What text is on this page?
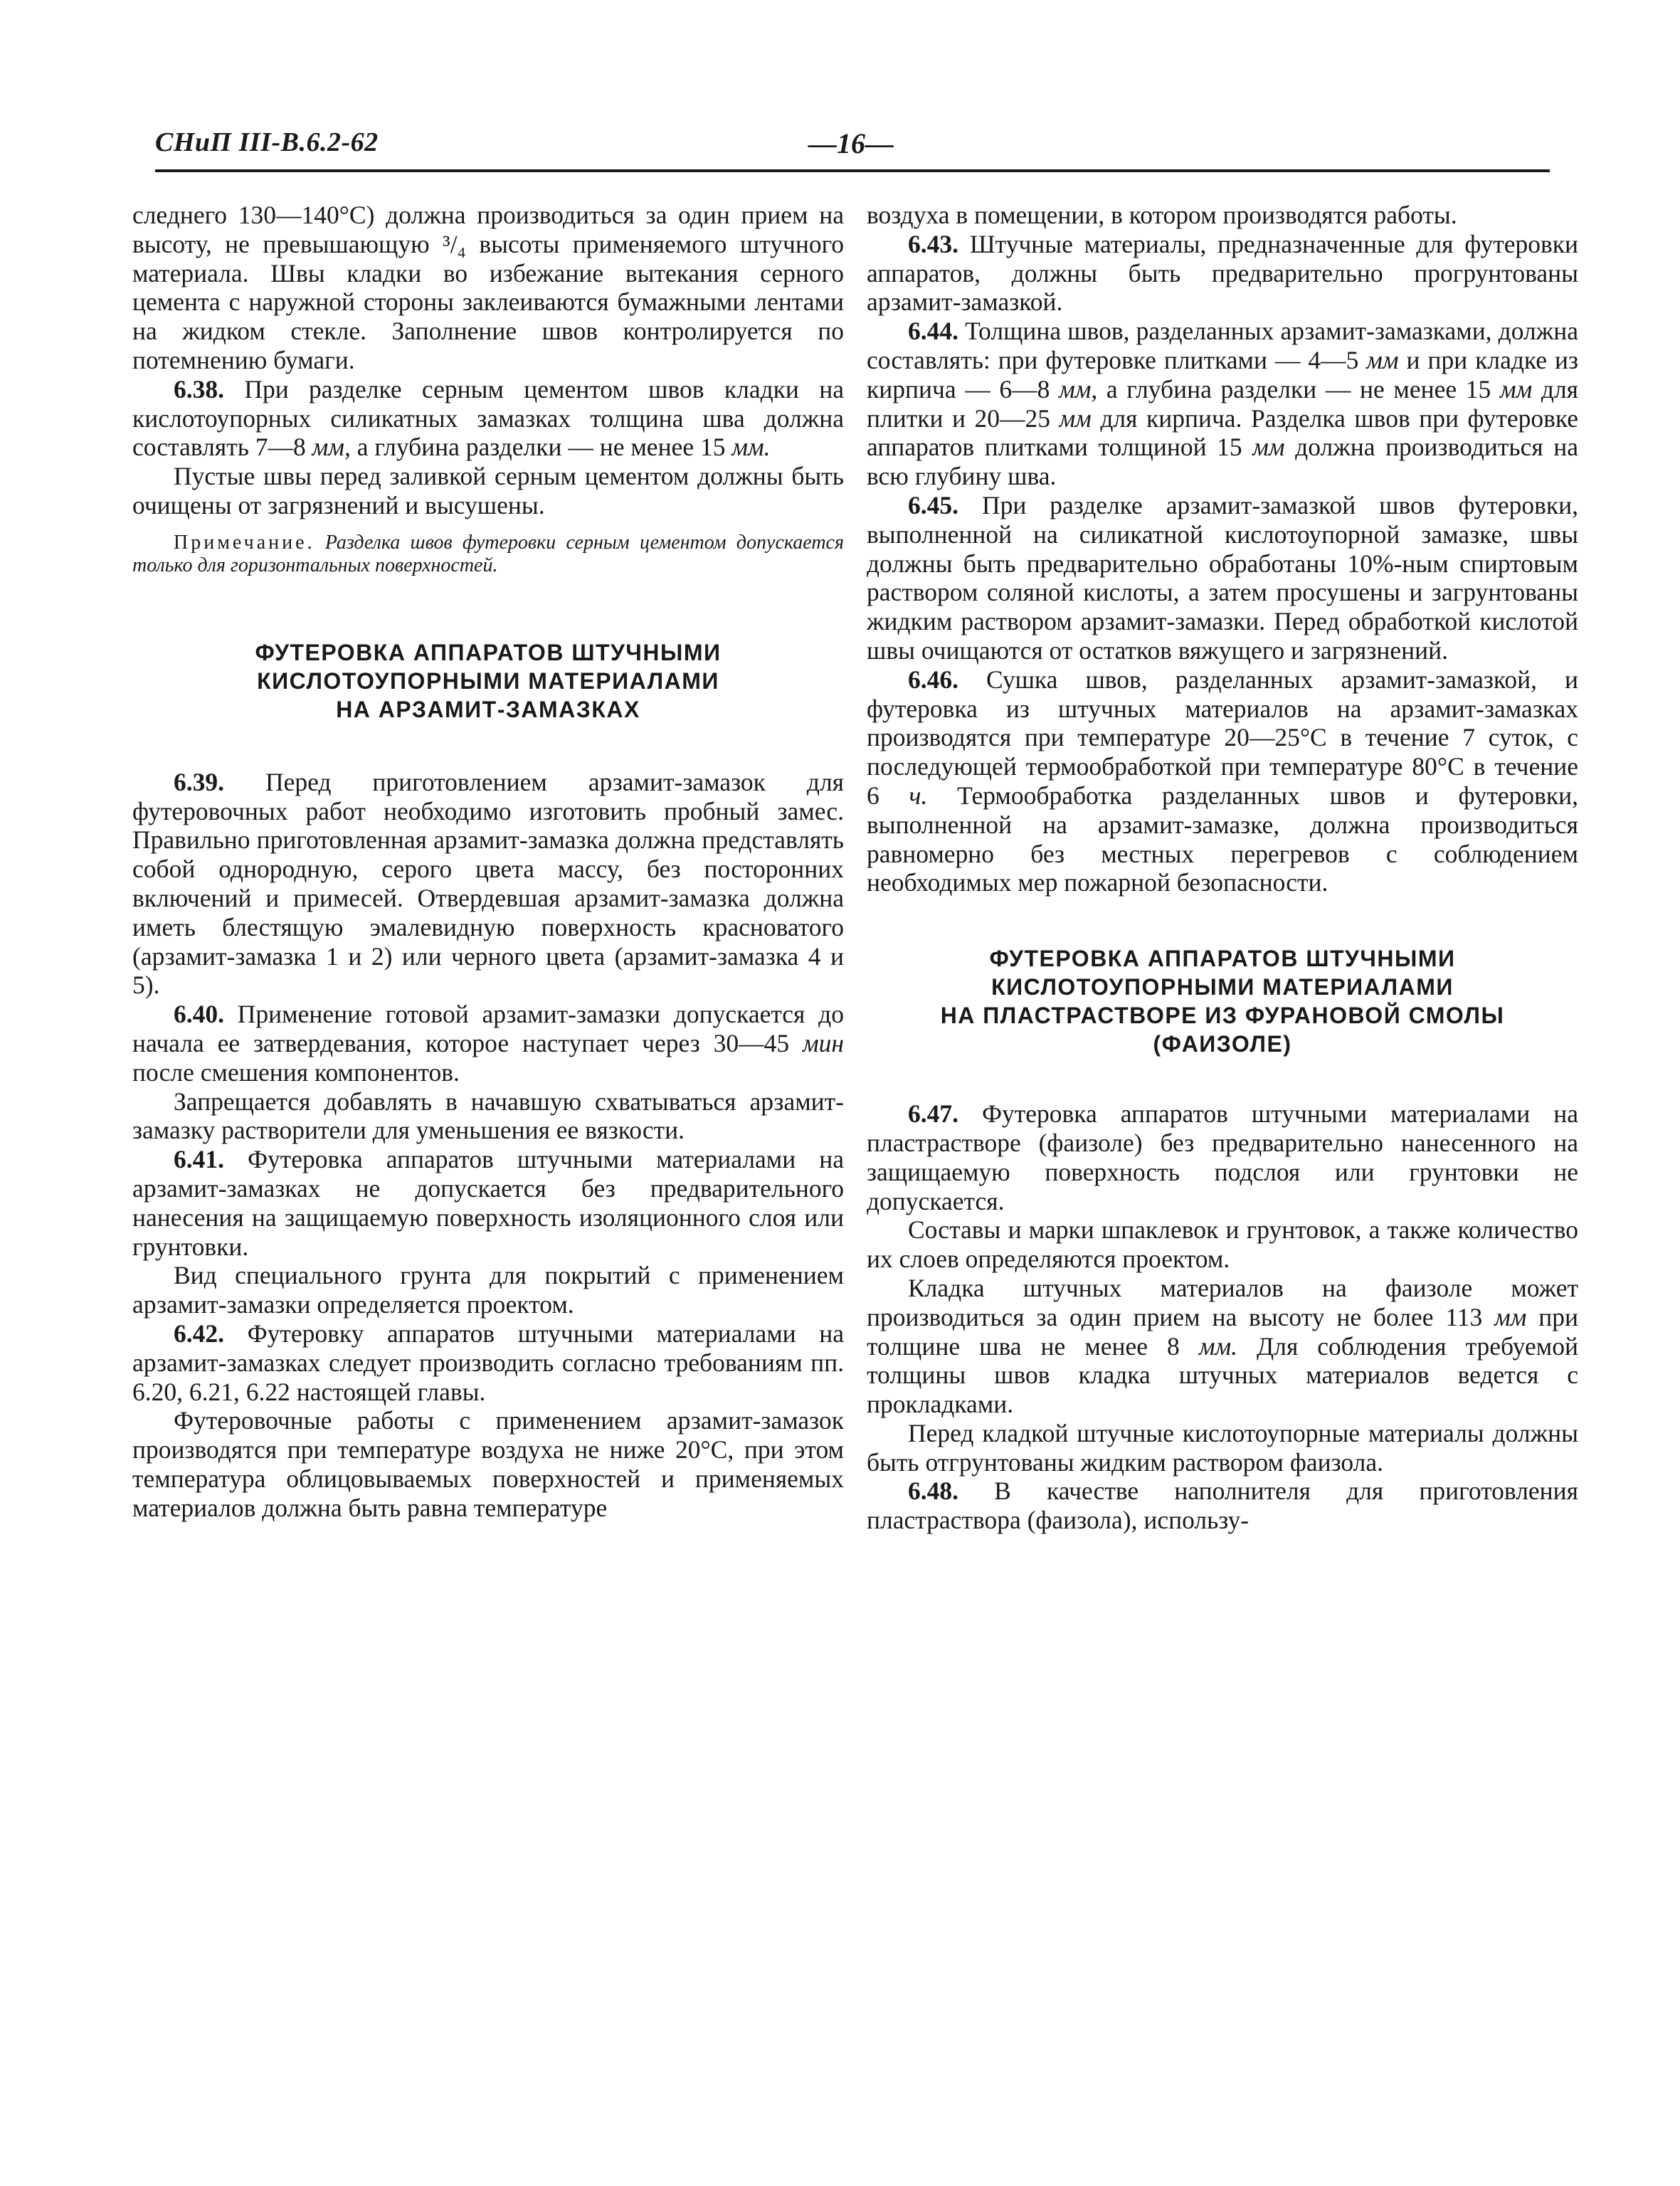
СНиП III-В.6.2-62	—16—

следнего 130—140°С) должна производиться за один прием на высоту, не превышающую ³/₄ высоты применяемого штучного материала. Швы кладки во избежание вытекания серного цемента с наружной стороны заклеиваются бумажными лентами на жидком стекле. Заполнение швов контролируется по потемнению бумаги.

6.38. При разделке серным цементом швов кладки на кислотоупорных силикатных замазках толщина шва должна составлять 7—8 мм, а глубина разделки — не менее 15 мм.

Пустые швы перед заливкой серным цементом должны быть очищены от загрязнений и высушены.

Примечание. Разделка швов футеровки серным цементом допускается только для горизонтальных поверхностей.

ФУТЕРОВКА АППАРАТОВ ШТУЧНЫМИ
КИСЛОТОУПОРНЫМИ МАТЕРИАЛАМИ
НА АРЗАМИТ-ЗАМАЗКАХ

6.39. Перед приготовлением арзамит-замазок для футеровочных работ необходимо изготовить пробный замес. Правильно приготовленная арзамит-замазка должна представлять собой однородную, серого цвета массу, без посторонних включений и примесей. Отвердевшая арзамит-замазка должна иметь блестящую эмалевидную поверхность красноватого (арзамит-замазка 1 и 2) или черного цвета (арзамит-замазка 4 и 5).

6.40. Применение готовой арзамит-замазки допускается до начала ее затвердевания, которое наступает через 30—45 мин после смешения компонентов.

Запрещается добавлять в начавшую схватываться арзамит-замазку растворители для уменьшения ее вязкости.

6.41. Футеровка аппаратов штучными материалами на арзамит-замазках не допускается без предварительного нанесения на защищаемую поверхность изоляционного слоя или грунтовки.

Вид специального грунта для покрытий с применением арзамит-замазки определяется проектом.

6.42. Футеровку аппаратов штучными материалами на арзамит-замазках следует производить согласно требованиям пп. 6.20, 6.21, 6.22 настоящей главы.

Футеровочные работы с применением арзамит-замазок производятся при температуре воздуха не ниже 20°С, при этом температура облицовываемых поверхностей и применяемых материалов должна быть равна температуре

воздуха в помещении, в котором производятся работы.

6.43. Штучные материалы, предназначенные для футеровки аппаратов, должны быть предварительно прогрунтованы арзамит-замазкой.

6.44. Толщина швов, разделанных арзамит-замазками, должна составлять: при футеровке плитками — 4—5 мм и при кладке из кирпича — 6—8 мм, а глубина разделки — не менее 15 мм для плитки и 20—25 мм для кирпича. Разделка швов при футеровке аппаратов плитками толщиной 15 мм должна производиться на всю глубину шва.

6.45. При разделке арзамит-замазкой швов футеровки, выполненной на силикатной кислотоупорной замазке, швы должны быть предварительно обработаны 10%-ным спиртовым раствором соляной кислоты, а затем просушены и загрунтованы жидким раствором арзамит-замазки. Перед обработкой кислотой швы очищаются от остатков вяжущего и загрязнений.

6.46. Сушка швов, разделанных арзамит-замазкой, и футеровка из штучных материалов на арзамит-замазках производятся при температуре 20—25°С в течение 7 суток, с последующей термообработкой при температуре 80°С в течение 6 ч. Термообработка разделанных швов и футеровки, выполненной на арзамит-замазке, должна производиться равномерно без местных перегревов с соблюдением необходимых мер пожарной безопасности.

ФУТЕРОВКА АППАРАТОВ ШТУЧНЫМИ
КИСЛОТОУПОРНЫМИ МАТЕРИАЛАМИ
НА ПЛАСТРАСТВОРЕ ИЗ ФУРАНОВОЙ СМОЛЫ
(ФАИЗОЛЕ)

6.47. Футеровка аппаратов штучными материалами на пластрастворе (фаизоле) без предварительно нанесенного на защищаемую поверхность подслоя или грунтовки не допускается.

Составы и марки шпаклевок и грунтовок, а также количество их слоев определяются проектом.

Кладка штучных материалов на фаизоле может производиться за один прием на высоту не более 113 мм при толщине шва не менее 8 мм. Для соблюдения требуемой толщины швов кладка штучных материалов ведется с прокладками.

Перед кладкой штучные кислотоупорные материалы должны быть отгрунтованы жидким раствором фаизола.

6.48. В качестве наполнителя для приготовления пластраствора (фаизола), использу-
